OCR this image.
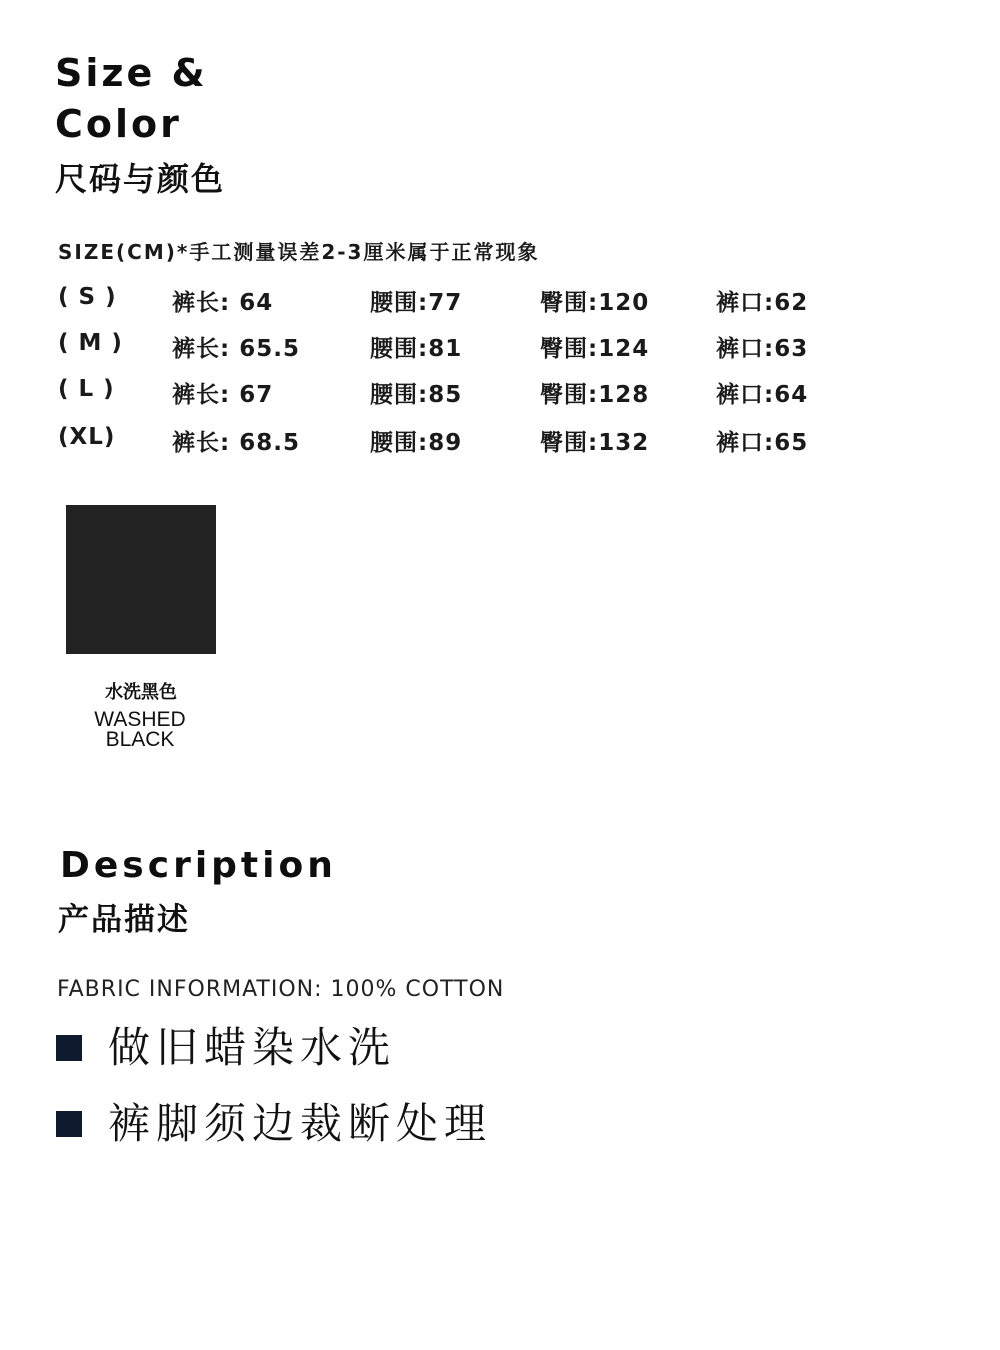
Size &
Color
尺码与颜色
SIZE(CM)*手工测量误差2-3厘米属于正常现象
( S ) 裤长: 64	腰围:77	臀围:120	裤口:62
( M ) 裤长: 65.5	腰围:81	臀围:124	裤口:63
( L ) 裤长: 67	腰围:85	臀围:128	裤口:64
(XL) 裤长: 68.5	腰围:89	臀围:132	裤口:65
水洗黑色
WASHED
BLACK
Description
产品描述
FABRIC INFORMATION: 100% COTTON
做旧蜡染水洗
裤脚须边裁断处理
